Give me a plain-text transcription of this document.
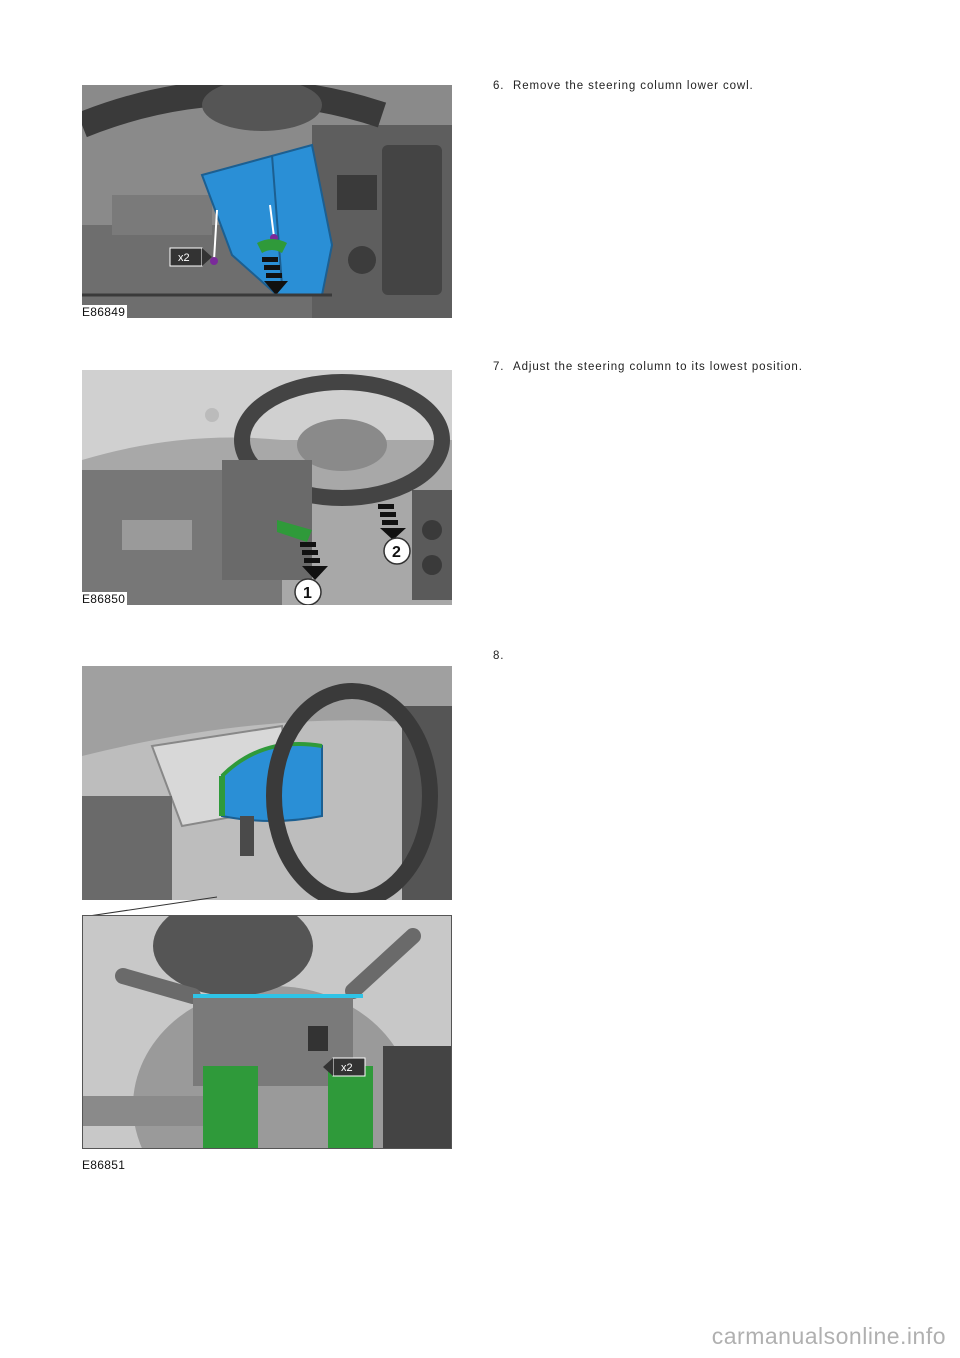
6. Remove the steering column lower cowl.
7. Adjust the steering column to its lowest position.
8.
x2
E86849
1
2
E86850
x2
E86851
carmanualsonline.info
